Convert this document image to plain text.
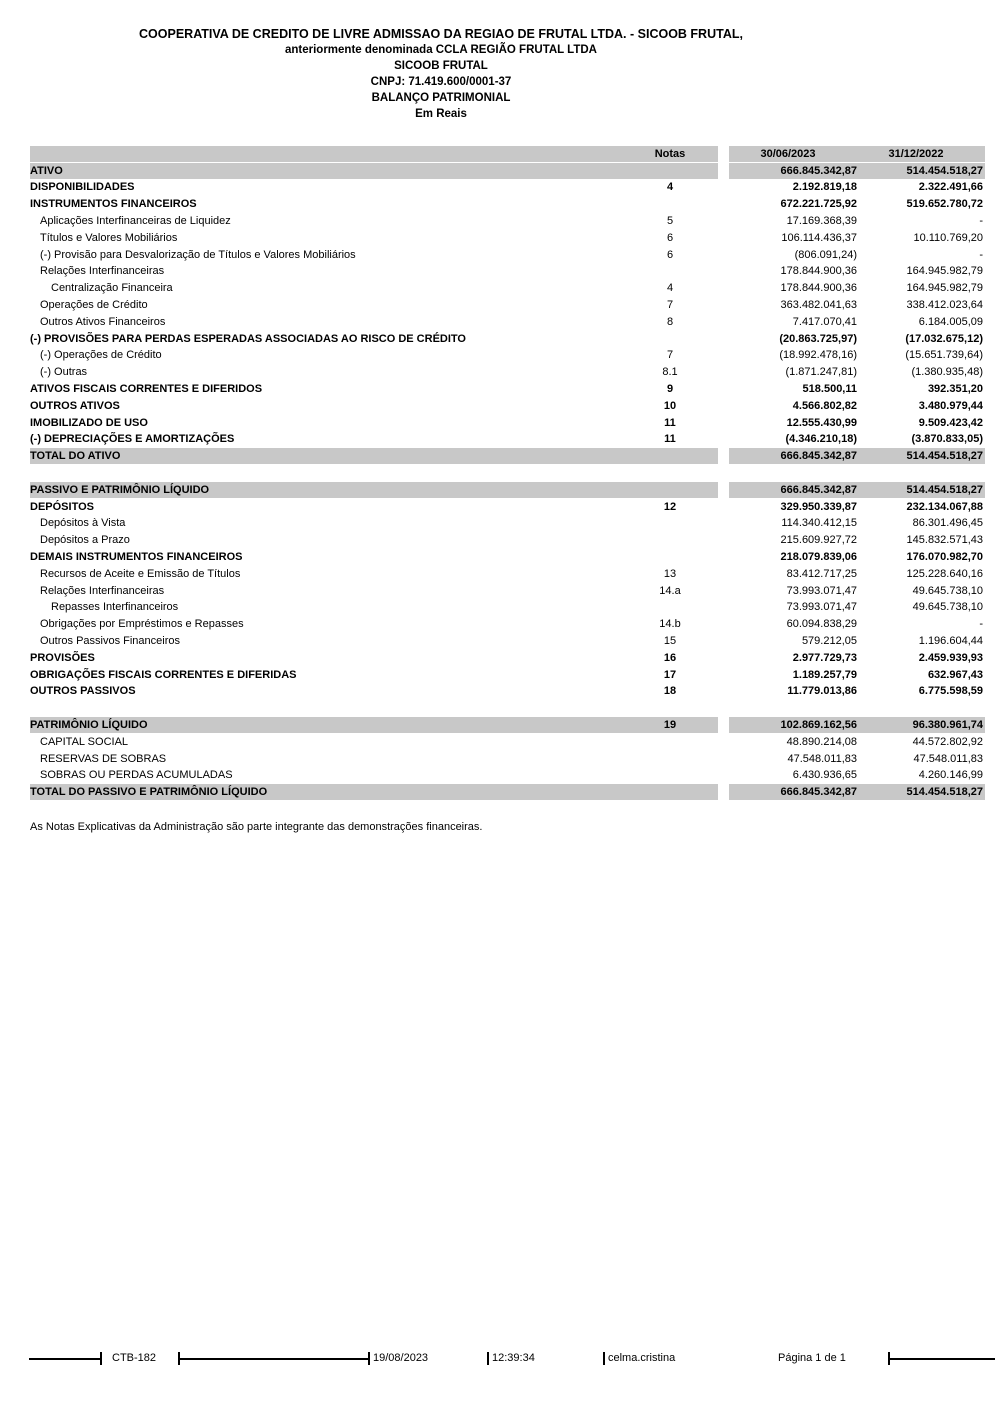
COOPERATIVA DE CREDITO DE LIVRE ADMISSAO DA REGIAO DE FRUTAL LTDA. - SICOOB FRUTAL,
anteriormente denominada CCLA REGIÃO FRUTAL LTDA
SICOOB FRUTAL
CNPJ: 71.419.600/0001-37
BALANÇO PATRIMONIAL
Em Reais
Notas	30/06/2023	31/12/2022
ATIVO	666.845.342,87	514.454.518,27
DISPONIBILIDADES	4	2.192.819,18	2.322.491,66
INSTRUMENTOS FINANCEIROS	672.221.725,92	519.652.780,72
Aplicações Interfinanceiras de Liquidez	5	17.169.368,39	-
Títulos e Valores Mobiliários	6	106.114.436,37	10.110.769,20
(-) Provisão para Desvalorização de Títulos e Valores Mobiliários	6	(806.091,24)	-
Relações Interfinanceiras	178.844.900,36	164.945.982,79
Centralização Financeira	4	178.844.900,36	164.945.982,79
Operações de Crédito	7	363.482.041,63	338.412.023,64
Outros Ativos Financeiros	8	7.417.070,41	6.184.005,09
(-) PROVISÕES PARA PERDAS ESPERADAS ASSOCIADAS AO RISCO DE CRÉDITO	(20.863.725,97)	(17.032.675,12)
(-) Operações de Crédito	7	(18.992.478,16)	(15.651.739,64)
(-) Outras	8.1	(1.871.247,81)	(1.380.935,48)
ATIVOS FISCAIS CORRENTES E DIFERIDOS	9	518.500,11	392.351,20
OUTROS ATIVOS	10	4.566.802,82	3.480.979,44
IMOBILIZADO DE USO	11	12.555.430,99	9.509.423,42
(-) DEPRECIAÇÕES E AMORTIZAÇÕES	11	(4.346.210,18)	(3.870.833,05)
TOTAL DO ATIVO	666.845.342,87	514.454.518,27
PASSIVO E PATRIMÔNIO LÍQUIDO	666.845.342,87	514.454.518,27
DEPÓSITOS	12	329.950.339,87	232.134.067,88
Depósitos à Vista	114.340.412,15	86.301.496,45
Depósitos a Prazo	215.609.927,72	145.832.571,43
DEMAIS INSTRUMENTOS FINANCEIROS	218.079.839,06	176.070.982,70
Recursos de Aceite e Emissão de Títulos	13	83.412.717,25	125.228.640,16
Relações Interfinanceiras	14.a	73.993.071,47	49.645.738,10
Repasses Interfinanceiros	73.993.071,47	49.645.738,10
Obrigações por Empréstimos e Repasses	14.b	60.094.838,29	-
Outros Passivos Financeiros	15	579.212,05	1.196.604,44
PROVISÕES	16	2.977.729,73	2.459.939,93
OBRIGAÇÕES FISCAIS CORRENTES E DIFERIDAS	17	1.189.257,79	632.967,43
OUTROS PASSIVOS	18	11.779.013,86	6.775.598,59
PATRIMÔNIO LÍQUIDO	19	102.869.162,56	96.380.961,74
CAPITAL SOCIAL	48.890.214,08	44.572.802,92
RESERVAS DE SOBRAS	47.548.011,83	47.548.011,83
SOBRAS OU PERDAS ACUMULADAS	6.430.936,65	4.260.146,99
TOTAL DO PASSIVO E PATRIMÔNIO LÍQUIDO	666.845.342,87	514.454.518,27
As Notas Explicativas da Administração são parte integrante das demonstrações financeiras.
CTB-182	19/08/2023	12:39:34	celma.cristina	Página 1 de 1
